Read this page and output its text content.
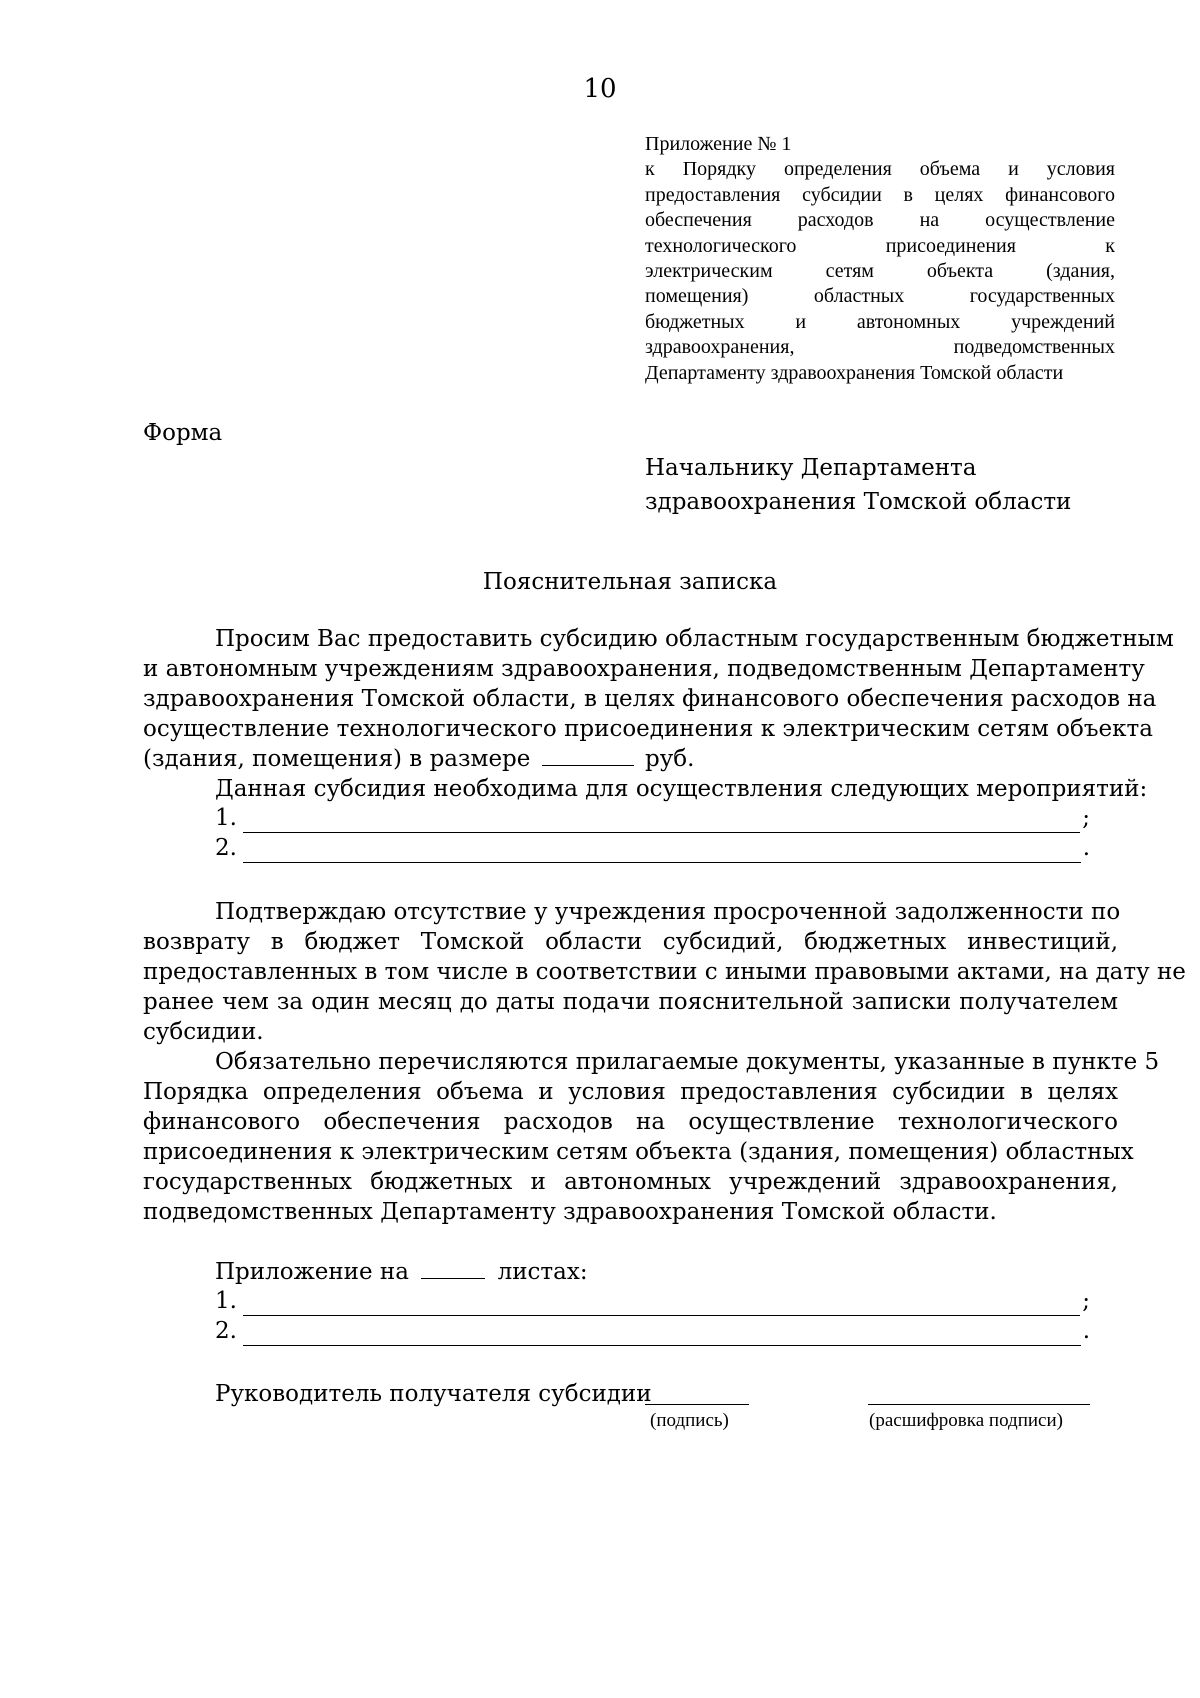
10
Приложение № 1
к Порядку определения объема и условия
предоставления субсидии в целях финансового
обеспечения расходов на осуществление
технологического присоединения к
электрическим сетям объекта (здания,
помещения) областных государственных
бюджетных и автономных учреждений
здравоохранения, подведомственных
Департаменту здравоохранения Томской области
Форма
Начальнику Департамента
здравоохранения Томской области
Пояснительная записка
Просим Вас предоставить субсидию областным государственным бюджетным
и автономным учреждениям здравоохранения, подведомственным Департаменту
здравоохранения Томской области, в целях финансового обеспечения расходов на
осуществление технологического присоединения к электрическим сетям объекта
(здания, помещения) в размере	руб.
Данная субсидия необходима для осуществления следующих мероприятий:
1.	;
2.	.
Подтверждаю отсутствие у учреждения просроченной задолженности по
возврату в бюджет Томской области субсидий, бюджетных инвестиций,
предоставленных в том числе в соответствии с иными правовыми актами, на дату не
ранее чем за один месяц до даты подачи пояснительной записки получателем
субсидии.
Обязательно перечисляются прилагаемые документы, указанные в пункте 5
Порядка определения объема и условия предоставления субсидии в целях
финансового обеспечения расходов на осуществление технологического
присоединения к электрическим сетям объекта (здания, помещения) областных
государственных бюджетных и автономных учреждений здравоохранения,
подведомственных Департаменту здравоохранения Томской области.
Приложение на	листах:
1.	;
2.	.
Руководитель получателя субсидии
(подпись)	(расшифровка подписи)
